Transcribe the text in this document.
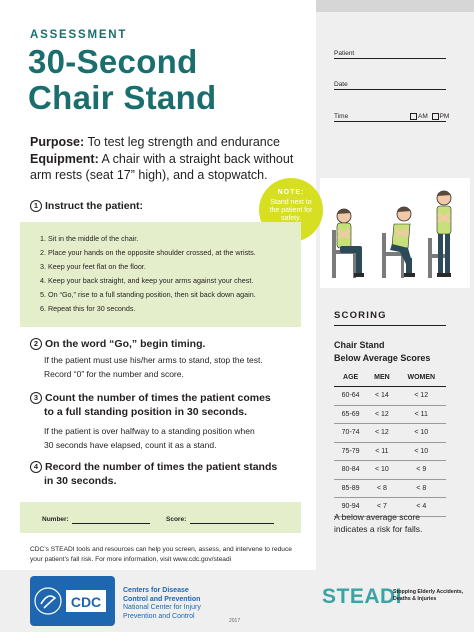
ASSESSMENT
30-Second
Chair Stand
Purpose: To test leg strength and endurance
Equipment: A chair with a straight back without arm rests (seat 17” high), and a stopwatch.
Patient
Date
Time	AM PM
NOTE:
Stand next to the patient for safety.
1 Instruct the patient:
1. Sit in the middle of the chair.
2. Place your hands on the opposite shoulder crossed, at the wrists.
3. Keep your feet flat on the floor.
4. Keep your back straight, and keep your arms against your chest.
5. On “Go,” rise to a full standing position, then sit back down again.
6. Repeat this for 30 seconds.
2 On the word “Go,” begin timing.
If the patient must use his/her arms to stand, stop the test.
Record “0” for the number and score.
3 Count the number of times the patient comes
to a full standing position in 30 seconds.
If the patient is over halfway to a standing position when
30 seconds have elapsed, count it as a stand.
4 Record the number of times the patient stands
in 30 seconds.
Number:	Score:
CDC’s STEADI tools and resources can help you screen, assess, and intervene to reduce your patient’s fall risk. For more information, visit www.cdc.gov/steadi
SCORING
Chair Stand
Below Average Scores
AGE	MEN	WOMEN
60-64	< 14	< 12
65-69	< 12	< 11
70-74	< 12	< 10
75-79	< 11	< 10
80-84	< 10	< 9
85-89	< 8	< 8
90-94	< 7	< 4
A below average score indicates a risk for falls.
CDC
Centers for Disease
Control and Prevention
National Center for Injury
Prevention and Control
2017
STEADI
Stopping Elderly Accidents,
Deaths & Injuries
